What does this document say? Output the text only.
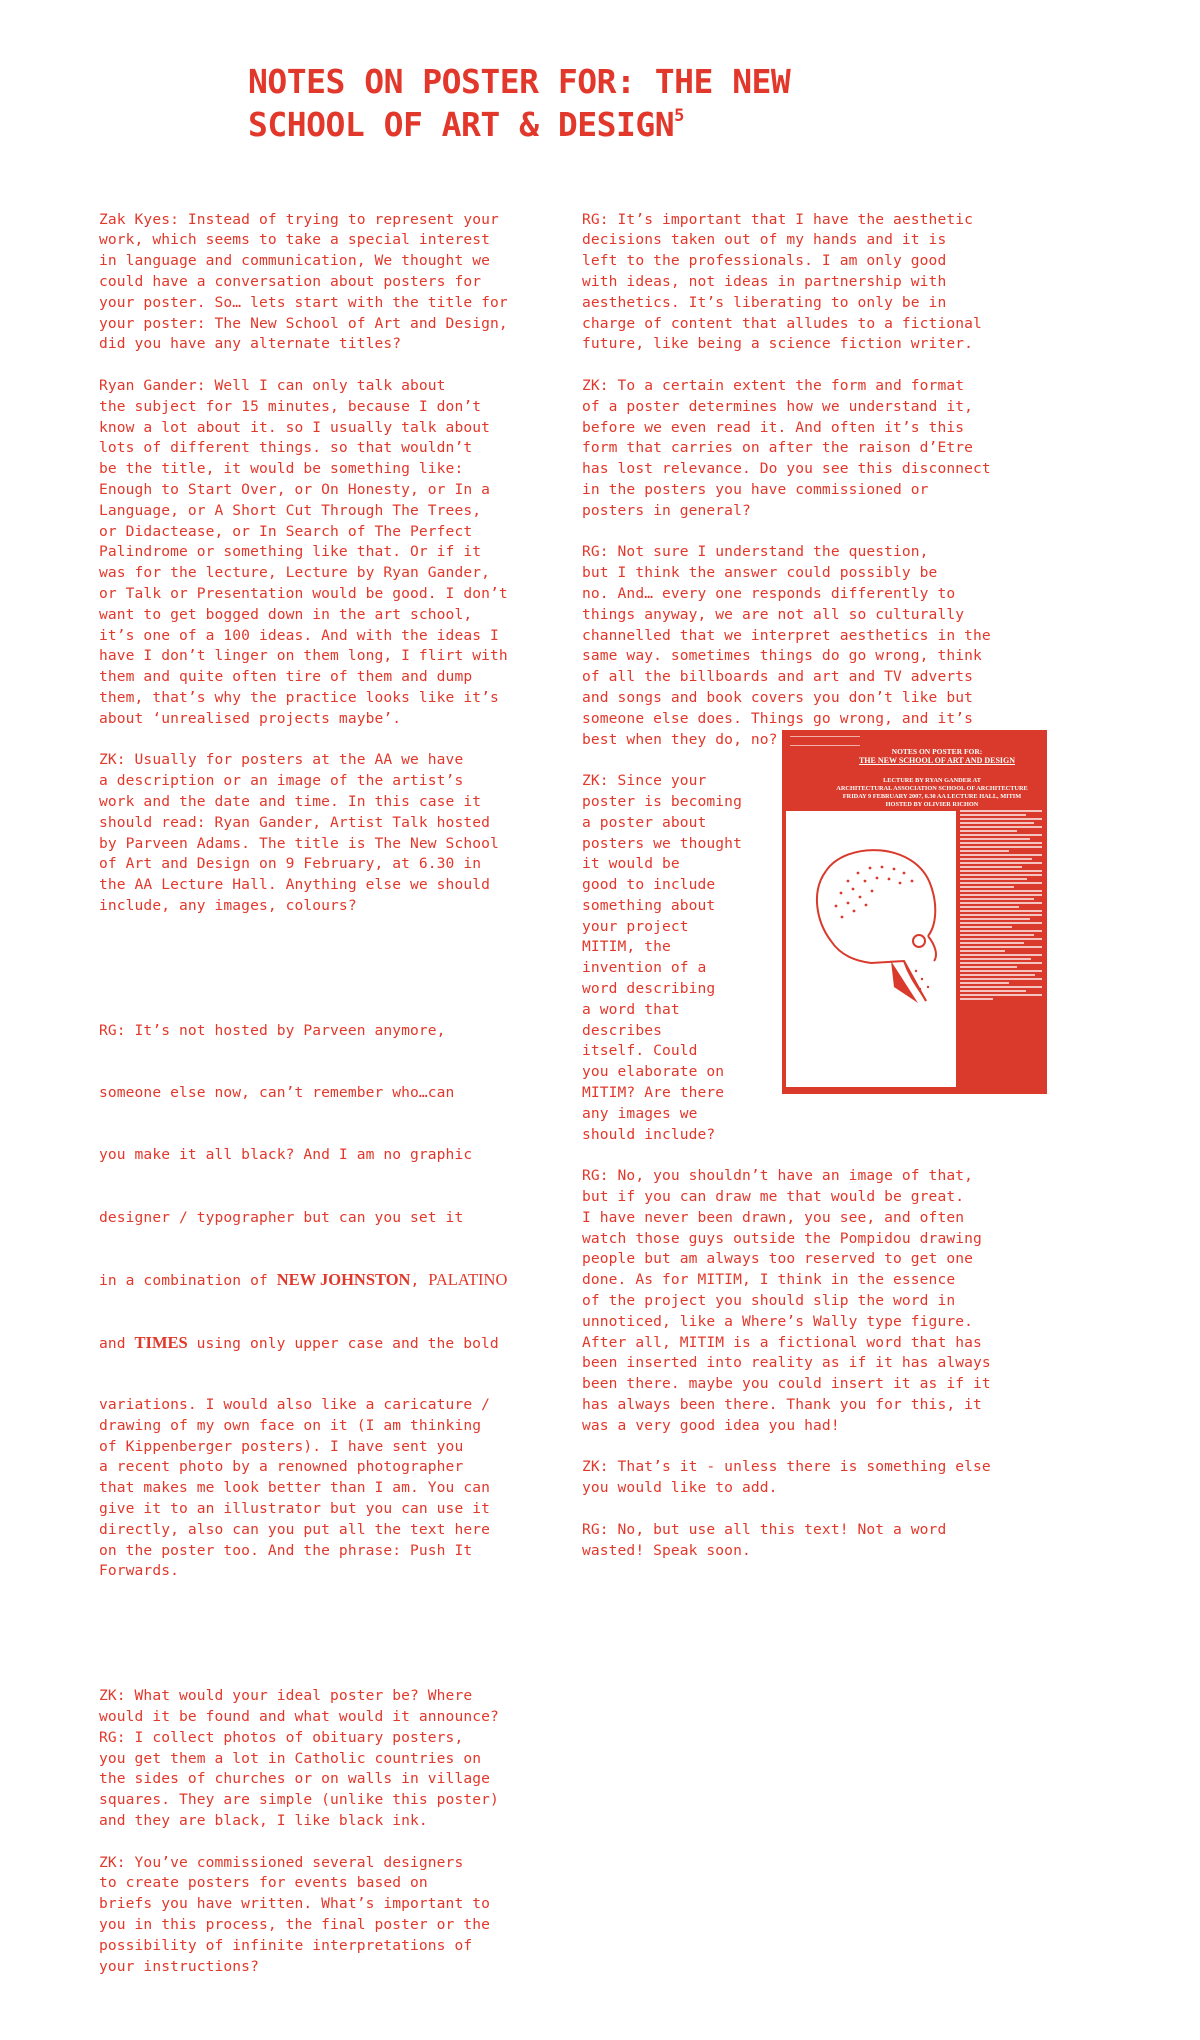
NOTES ON POSTER FOR: THE NEW
SCHOOL OF ART & DESIGN$^5$

Zak Kyes: Instead of trying to represent your
work, which seems to take a special interest
in language and communication, We thought we
could have a conversation about posters for
your poster. So… lets start with the title for
your poster: The New School of Art and Design,
did you have any alternate titles?
Ryan Gander: Well I can only talk about
the subject for 15 minutes, because I don’t
know a lot about it. so I usually talk about
lots of different things. so that wouldn’t
be the title, it would be something like:
Enough to Start Over, or On Honesty, or In a
Language, or A Short Cut Through The Trees,
or Didactease, or In Search of The Perfect
Palindrome or something like that. Or if it
was for the lecture, Lecture by Ryan Gander,
or Talk or Presentation would be good. I don’t
want to get bogged down in the art school,
it’s one of a 100 ideas. And with the ideas I
have I don’t linger on them long, I flirt with
them and quite often tire of them and dump
them, that’s why the practice looks like it’s
about ‘unrealised projects maybe’.
ZK: Usually for posters at the AA we have
a description or an image of the artist’s
work and the date and time. In this case it
should read: Ryan Gander, Artist Talk hosted
by Parveen Adams. The title is The New School
of Art and Design on 9 February, at 6.30 in
the AA Lecture Hall. Anything else we should
include, any images, colours?

RG: It’s not hosted by Parveen anymore,

someone else now, can’t remember who…can

you make it all black? And I am no graphic

designer / typographer but can you set it

in a combination of NEW JOHNSTON, PALATINO

and TIMES using only upper case and the bold

variations. I would also like a caricature /
drawing of my own face on it (I am thinking
of Kippenberger posters). I have sent you
a recent photo by a renowned photographer
that makes me look better than I am. You can
give it to an illustrator but you can use it
directly, also can you put all the text here
on the poster too. And the phrase: Push It
Forwards.

ZK: What would your ideal poster be? Where
would it be found and what would it announce?
RG: I collect photos of obituary posters,
you get them a lot in Catholic countries on
the sides of churches or on walls in village
squares. They are simple (unlike this poster)
and they are black, I like black ink.
ZK: You’ve commissioned several designers
to create posters for events based on
briefs you have written. What’s important to
you in this process, the final poster or the
possibility of infinite interpretations of
your instructions?

RG: It’s important that I have the aesthetic
decisions taken out of my hands and it is
left to the professionals. I am only good
with ideas, not ideas in partnership with
aesthetics. It’s liberating to only be in
charge of content that alludes to a fictional
future, like being a science fiction writer.
ZK: To a certain extent the form and format
of a poster determines how we understand it,
before we even read it. And often it’s this
form that carries on after the raison d’Etre
has lost relevance. Do you see this disconnect
in the posters you have commissioned or
posters in general?
RG: Not sure I understand the question,
but I think the answer could possibly be
no. And… every one responds differently to
things anyway, we are not all so culturally
channelled that we interpret aesthetics in the
same way. sometimes things do go wrong, think
of all the billboards and art and TV adverts
and songs and book covers you don’t like but
someone else does. Things go wrong, and it’s
best when they do, no?
ZK: Since your
poster is becoming
a poster about
posters we thought
it would be
good to include
something about
your project
MITIM, the
invention of a
word describing
a word that
describes
itself. Could
you elaborate on
MITIM? Are there
any images we
should include?
RG: No, you shouldn’t have an image of that,
but if you can draw me that would be great.
I have never been drawn, you see, and often
watch those guys outside the Pompidou drawing
people but am always too reserved to get one
done. As for MITIM, I think in the essence
of the project you should slip the word in
unnoticed, like a Where’s Wally type figure.
After all, MITIM is a fictional word that has
been inserted into reality as if it has always
been there. maybe you could insert it as if it
has always been there. Thank you for this, it
was a very good idea you had!
ZK: That’s it - unless there is something else
you would like to add.
RG: No, but use all this text! Not a word
wasted! Speak soon.

NOTES ON POSTER FOR:
THE NEW SCHOOL OF ART AND DESIGN
LECTURE BY RYAN GANDER AT
ARCHITECTURAL ASSOCIATION SCHOOL OF ARCHITECTURE
FRIDAY 9 FEBRUARY 2007, 6.30 AA LECTURE HALL, MITIM
HOSTED BY OLIVIER RICHON
